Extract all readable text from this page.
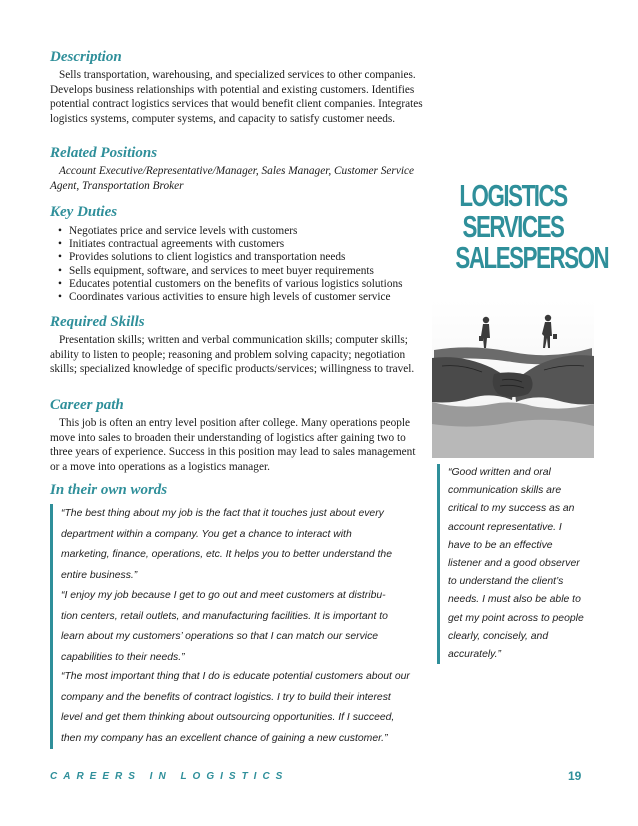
Description

Sells transportation, warehousing, and specialized services to other companies. Develops business relationships with potential and existing customers. Identifies potential contract logistics services that would benefit client companies. Integrates logistics systems, computer systems, and capacity to satisfy customer needs.

Related Positions

Account Executive/Representative/Manager, Sales Manager, Customer Service Agent, Transportation Broker

Key Duties
• Negotiates price and service levels with customers
• Initiates contractual agreements with customers
• Provides solutions to client logistics and transportation needs
• Sells equipment, software, and services to meet buyer requirements
• Educates potential customers on the benefits of various logistics solutions
• Coordinates various activities to ensure high levels of customer service
Required Skills

Presentation skills; written and verbal communication skills; computer skills; ability to listen to people; reasoning and problem solving capacity; negotiation skills; specialized knowledge of specific products/services; willingness to travel.

Career path

This job is often an entry level position after college. Many operations people move into sales to broaden their understanding of logistics after gaining two to three years of experience. Success in this position may lead to sales management or a move into operations as a logistics manager.

In their own words

“The best thing about my job is the fact that it touches just about every department within a company. You get a chance to interact with marketing, finance, operations, etc. It helps you to better understand the entire business.”

“I enjoy my job because I get to go out and meet customers at distribu-tion centers, retail outlets, and manufacturing facilities. It is important to learn about my customers’ operations so that I can match our service capabilities to their needs.”

“The most important thing that I do is educate potential customers about our company and the benefits of contract logistics. I try to build their interest level and get them thinking about outsourcing opportunities. If I succeed, then my company has an excellent chance of gaining a new customer.”

LOGISTICS
SERVICES
SALESPERSON

“Good written and oral communication skills are critical to my success as an account representative. I have to be an effective listener and a good observer to understand the client’s needs. I must also be able to get my point across to people clearly, concisely, and accurately.”

CAREERS IN LOGISTICS	19
